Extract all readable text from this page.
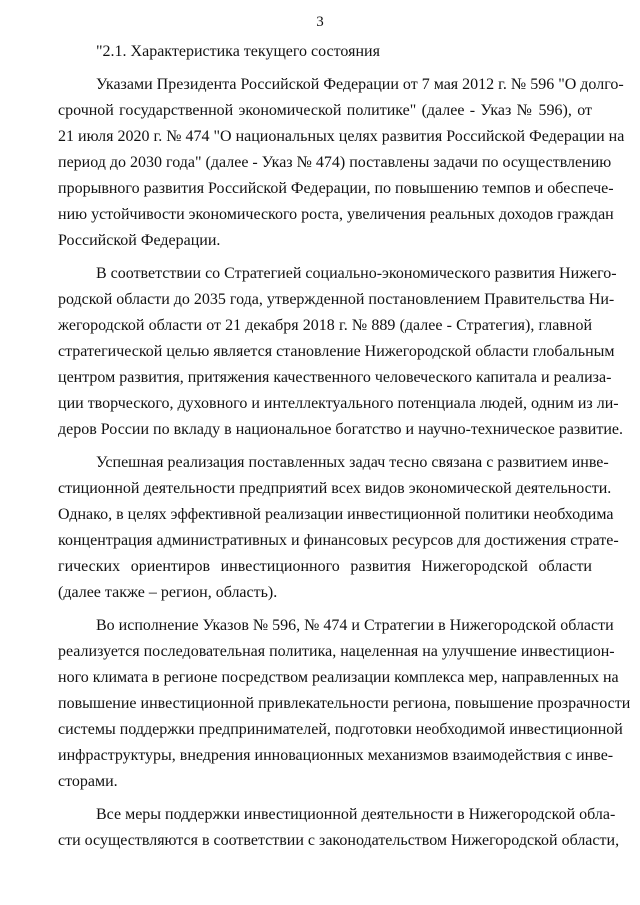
3
"2.1. Характеристика текущего состояния
Указами Президента Российской Федерации от 7 мая 2012 г. № 596 "О долго-
срочной государственной экономической политике" (далее - Указ № 596), от
21 июля 2020 г. № 474 "О национальных целях развития Российской Федерации на
период до 2030 года" (далее - Указ № 474) поставлены задачи по осуществлению
прорывного развития Российской Федерации, по повышению темпов и обеспече-
нию устойчивости экономического роста, увеличения реальных доходов граждан
Российской Федерации.
В соответствии со Стратегией социально-экономического развития Нижего-
родской области до 2035 года, утвержденной постановлением Правительства Ни-
жегородской области от 21 декабря 2018 г. № 889 (далее - Стратегия), главной
стратегической целью является становление Нижегородской области глобальным
центром развития, притяжения качественного человеческого капитала и реализа-
ции творческого, духовного и интеллектуального потенциала людей, одним из ли-
деров России по вкладу в национальное богатство и научно-техническое развитие.
Успешная реализация поставленных задач тесно связана с развитием инве-
стиционной деятельности предприятий всех видов экономической деятельности.
Однако, в целях эффективной реализации инвестиционной политики необходима
концентрация административных и финансовых ресурсов для достижения страте-
гических ориентиров инвестиционного развития Нижегородской области
(далее также – регион, область).
Во исполнение Указов № 596, № 474 и Стратегии в Нижегородской области
реализуется последовательная политика, нацеленная на улучшение инвестицион-
ного климата в регионе посредством реализации комплекса мер, направленных на
повышение инвестиционной привлекательности региона, повышение прозрачности
системы поддержки предпринимателей, подготовки необходимой инвестиционной
инфраструктуры, внедрения инновационных механизмов взаимодействия с инве-
сторами.
Все меры поддержки инвестиционной деятельности в Нижегородской обла-
сти осуществляются в соответствии с законодательством Нижегородской области,
